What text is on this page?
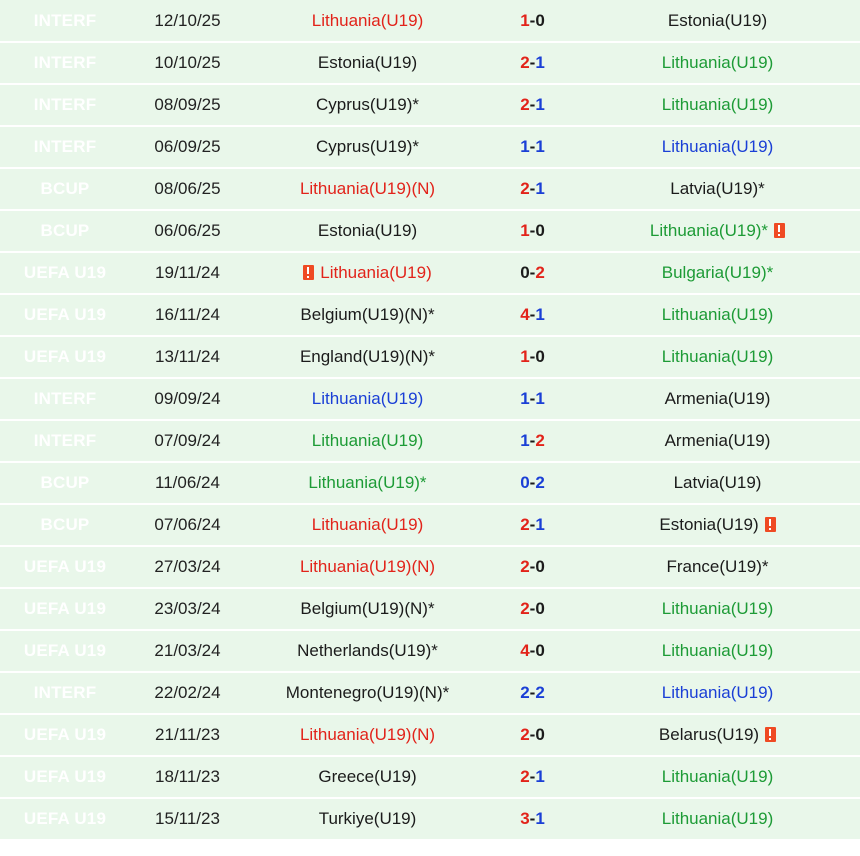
INTERF	12/10/25	Lithuania(U19)	1-0	Estonia(U19)
INTERF	10/10/25	Estonia(U19)	2-1	Lithuania(U19)
INTERF	08/09/25	Cyprus(U19)*	2-1	Lithuania(U19)
INTERF	06/09/25	Cyprus(U19)*	1-1	Lithuania(U19)
BCUP	08/06/25	Lithuania(U19)(N)	2-1	Latvia(U19)*
BCUP	06/06/25	Estonia(U19)	1-0	Lithuania(U19)*
UEFA U19	19/11/24	Lithuania(U19)	0-2	Bulgaria(U19)*
UEFA U19	16/11/24	Belgium(U19)(N)*	4-1	Lithuania(U19)
UEFA U19	13/11/24	England(U19)(N)*	1-0	Lithuania(U19)
INTERF	09/09/24	Lithuania(U19)	1-1	Armenia(U19)
INTERF	07/09/24	Lithuania(U19)	1-2	Armenia(U19)
BCUP	11/06/24	Lithuania(U19)*	0-2	Latvia(U19)
BCUP	07/06/24	Lithuania(U19)	2-1	Estonia(U19)
UEFA U19	27/03/24	Lithuania(U19)(N)	2-0	France(U19)*
UEFA U19	23/03/24	Belgium(U19)(N)*	2-0	Lithuania(U19)
UEFA U19	21/03/24	Netherlands(U19)*	4-0	Lithuania(U19)
INTERF	22/02/24	Montenegro(U19)(N)*	2-2	Lithuania(U19)
UEFA U19	21/11/23	Lithuania(U19)(N)	2-0	Belarus(U19)
UEFA U19	18/11/23	Greece(U19)	2-1	Lithuania(U19)
UEFA U19	15/11/23	Turkiye(U19)	3-1	Lithuania(U19)
